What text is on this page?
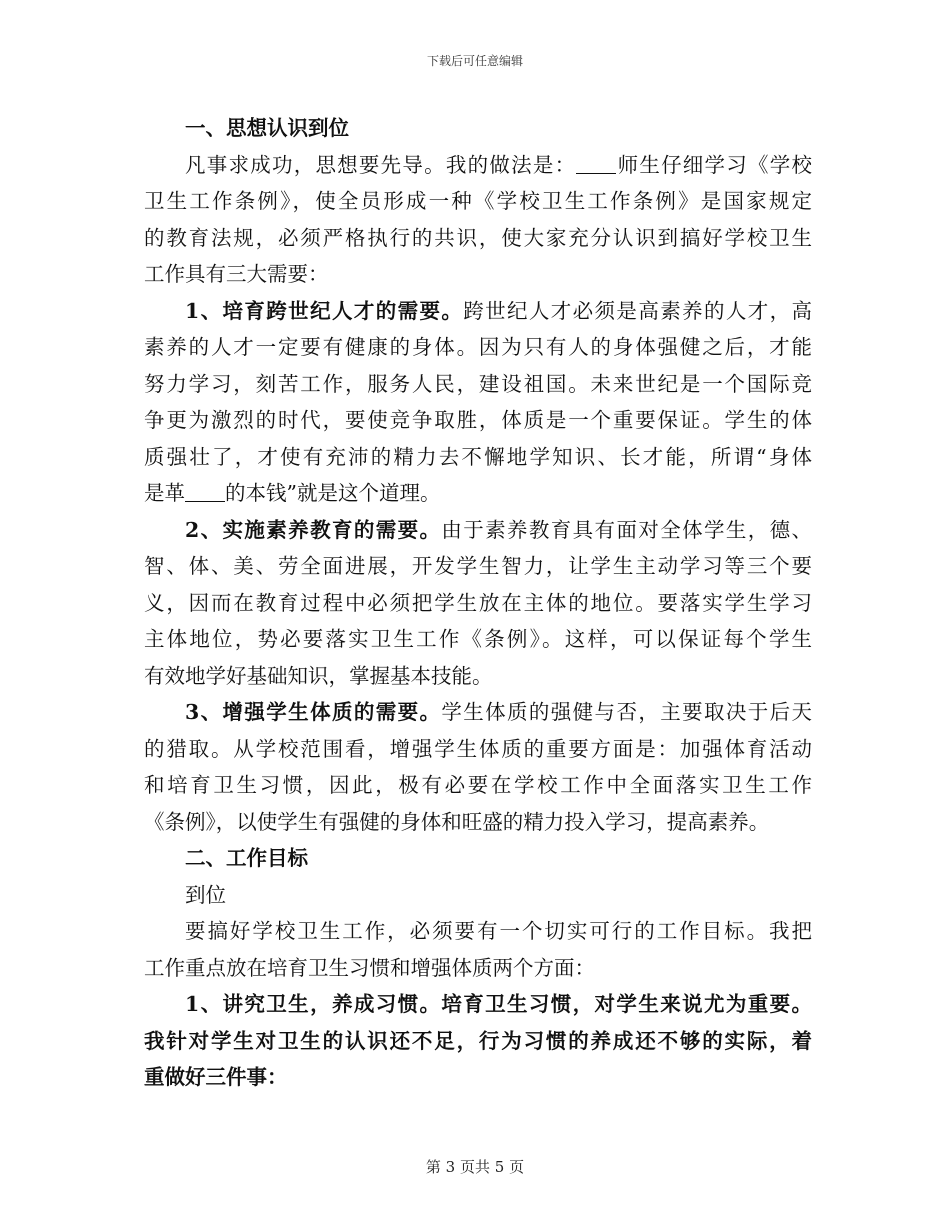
下载后可任意编辑
一、思想认识到位
凡事求成功，思想要先导。我的做法是： 师生仔细学习《学校
卫生工作条例》，使全员形成一种《学校卫生工作条例》是国家规定
的教育法规，必须严格执行的共识，使大家充分认识到搞好学校卫生
工作具有三大需要：
1、培育跨世纪人才的需要。跨世纪人才必须是高素养的人才，高
素养的人才一定要有健康的身体。因为只有人的身体强健之后，才能
努力学习，刻苦工作，服务人民，建设祖国。未来世纪是一个国际竞
争更为激烈的时代，要使竞争取胜，体质是一个重要保证。学生的体
质强壮了，才使有充沛的精力去不懈地学知识、长才能，所谓“身体
是革 的本钱”就是这个道理。
2、实施素养教育的需要。由于素养教育具有面对全体学生，德、
智、体、美、劳全面进展，开发学生智力，让学生主动学习等三个要
义，因而在教育过程中必须把学生放在主体的地位。要落实学生学习
主体地位，势必要落实卫生工作《条例》。这样，可以保证每个学生
有效地学好基础知识，掌握基本技能。
3、增强学生体质的需要。学生体质的强健与否，主要取决于后天
的猎取。从学校范围看，增强学生体质的重要方面是：加强体育活动
和培育卫生习惯，因此，极有必要在学校工作中全面落实卫生工作
《条例》，以使学生有强健的身体和旺盛的精力投入学习，提高素养。
二、工作目标
到位
要搞好学校卫生工作，必须要有一个切实可行的工作目标。我把
工作重点放在培育卫生习惯和增强体质两个方面：
1、讲究卫生，养成习惯。培育卫生习惯，对学生来说尤为重要。
我针对学生对卫生的认识还不足，行为习惯的养成还不够的实际，着
重做好三件事：
第 3 页共 5 页
